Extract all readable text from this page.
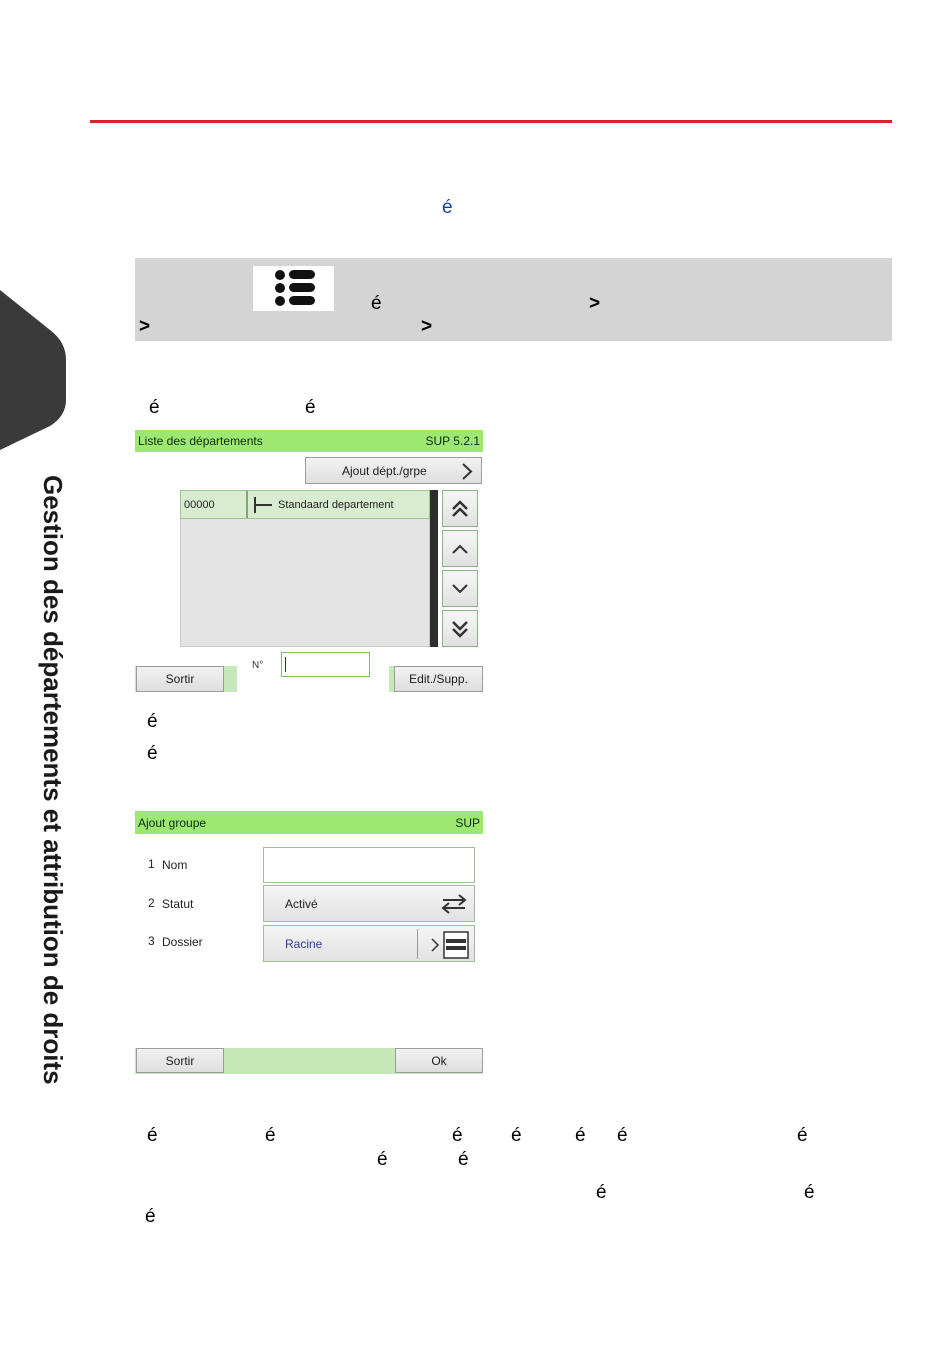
Gestion des départements et attribution de droits
é
é	>
>	>
é	é
Liste des départements	SUP 5.2.1
Ajout dépt./grpe
00000	Standaard departement
Sortir
N°
Edit./Supp.
é
é
Ajout groupe	SUP
1 Nom
2 Statut	Activé
3 Dossier	Racine
Sortir	Ok
é	é	é	é	é é	é
é	é
é	é
é
